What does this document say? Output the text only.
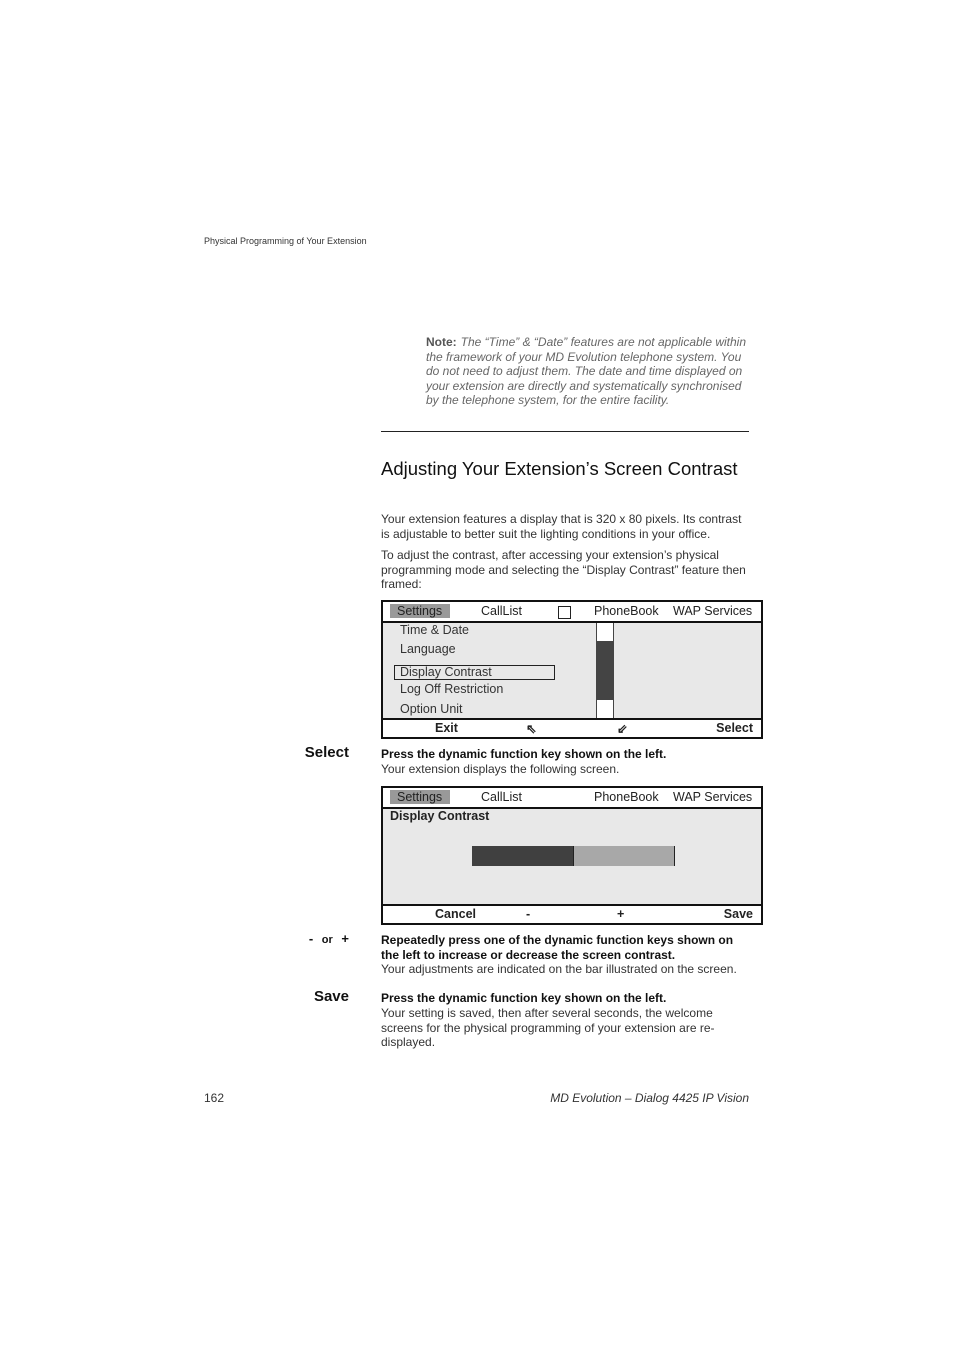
Physical Programming of Your Extension
Note: The “Time” & “Date” features are not applicable within the framework of your MD Evolution telephone system. You do not need to adjust them. The date and time displayed on your extension are directly and systematically synchronised by the telephone system, for the entire facility.
Adjusting Your Extension’s Screen Contrast
Your extension features a display that is 320 x 80 pixels. Its contrast is adjustable to better suit the lighting conditions in your office.
To adjust the contrast, after accessing your extension’s physical programming mode and selecting the “Display Contrast” feature then framed:
Settings	CallList	PhoneBook WAP Services
Time & Date
Language
Display Contrast
Log Off Restriction
Option Unit
Exit	⇖	⇙	Select
Select	Press the dynamic function key shown on the left.
Your extension displays the following screen.
Settings	CallList	PhoneBook WAP Services
Display Contrast
Cancel	-	+	Save
- or +	Repeatedly press one of the dynamic function keys shown on the left to increase or decrease the screen contrast.
Your adjustments are indicated on the bar illustrated on the screen.
Save	Press the dynamic function key shown on the left.
Your setting is saved, then after several seconds, the welcome screens for the physical programming of your extension are re-displayed.
162	MD Evolution – Dialog 4425 IP Vision
